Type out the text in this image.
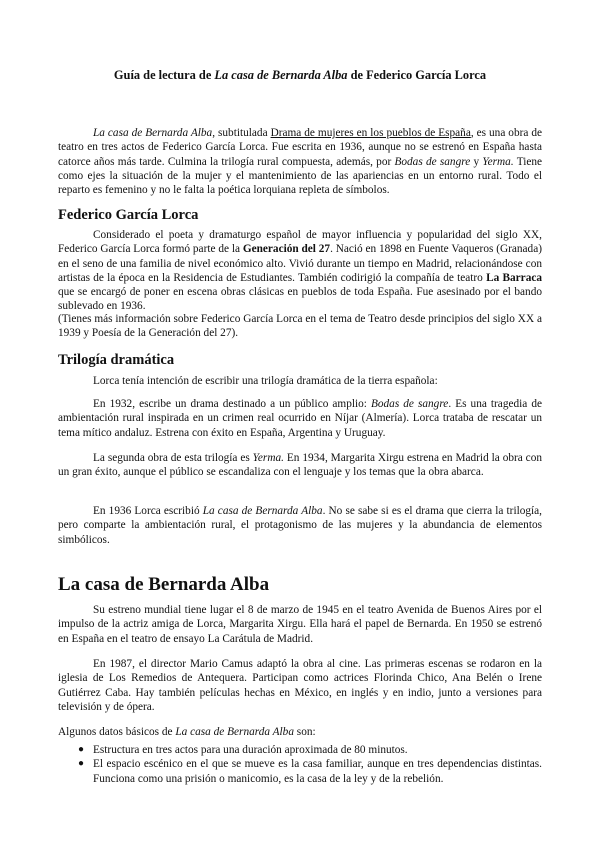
Guía de lectura de La casa de Bernarda Alba de Federico García Lorca

La casa de Bernarda Alba, subtitulada Drama de mujeres en los pueblos de España, es una obra de teatro en tres actos de Federico García Lorca. Fue escrita en 1936, aunque no se estrenó en España hasta catorce años más tarde. Culmina la trilogía rural compuesta, además, por Bodas de sangre y Yerma. Tiene como ejes la situación de la mujer y el mantenimiento de las apariencias en un entorno rural. Todo el reparto es femenino y no le falta la poética lorquiana repleta de símbolos.

Federico García Lorca

Considerado el poeta y dramaturgo español de mayor influencia y popularidad del siglo XX, Federico García Lorca formó parte de la Generación del 27. Nació en 1898 en Fuente Vaqueros (Granada) en el seno de una familia de nivel económico alto. Vivió durante un tiempo en Madrid, relacionándose con artistas de la época en la Residencia de Estudiantes. También codirigió la compañía de teatro La Barraca que se encargó de poner en escena obras clásicas en pueblos de toda España. Fue asesinado por el bando sublevado en 1936.

(Tienes más información sobre Federico García Lorca en el tema de Teatro desde principios del siglo XX a 1939 y Poesía de la Generación del 27).

Trilogía dramática

Lorca tenía intención de escribir una trilogía dramática de la tierra española:

En 1932, escribe un drama destinado a un público amplio: Bodas de sangre. Es una tragedia de ambientación rural inspirada en un crimen real ocurrido en Níjar (Almería). Lorca trataba de rescatar un tema mítico andaluz. Estrena con éxito en España, Argentina y Uruguay.

La segunda obra de esta trilogía es Yerma. En 1934, Margarita Xirgu estrena en Madrid la obra con un gran éxito, aunque el público se escandaliza con el lenguaje y los temas que la obra abarca.

En 1936 Lorca escribió La casa de Bernarda Alba. No se sabe si es el drama que cierra la trilogía, pero comparte la ambientación rural, el protagonismo de las mujeres y la abundancia de elementos simbólicos.

La casa de Bernarda Alba

Su estreno mundial tiene lugar el 8 de marzo de 1945 en el teatro Avenida de Buenos Aires por el impulso de la actriz amiga de Lorca, Margarita Xirgu. Ella hará el papel de Bernarda. En 1950 se estrenó en España en el teatro de ensayo La Carátula de Madrid.

En 1987, el director Mario Camus adaptó la obra al cine. Las primeras escenas se rodaron en la iglesia de Los Remedios de Antequera. Participan como actrices Florinda Chico, Ana Belén o Irene Gutiérrez Caba. Hay también películas hechas en México, en inglés y en indio, junto a versiones para televisión y de ópera.

Algunos datos básicos de La casa de Bernarda Alba son:

● Estructura en tres actos para una duración aproximada de 80 minutos.
● El espacio escénico en el que se mueve es la casa familiar, aunque en tres dependencias distintas. Funciona como una prisión o manicomio, es la casa de la ley y de la rebelión.
